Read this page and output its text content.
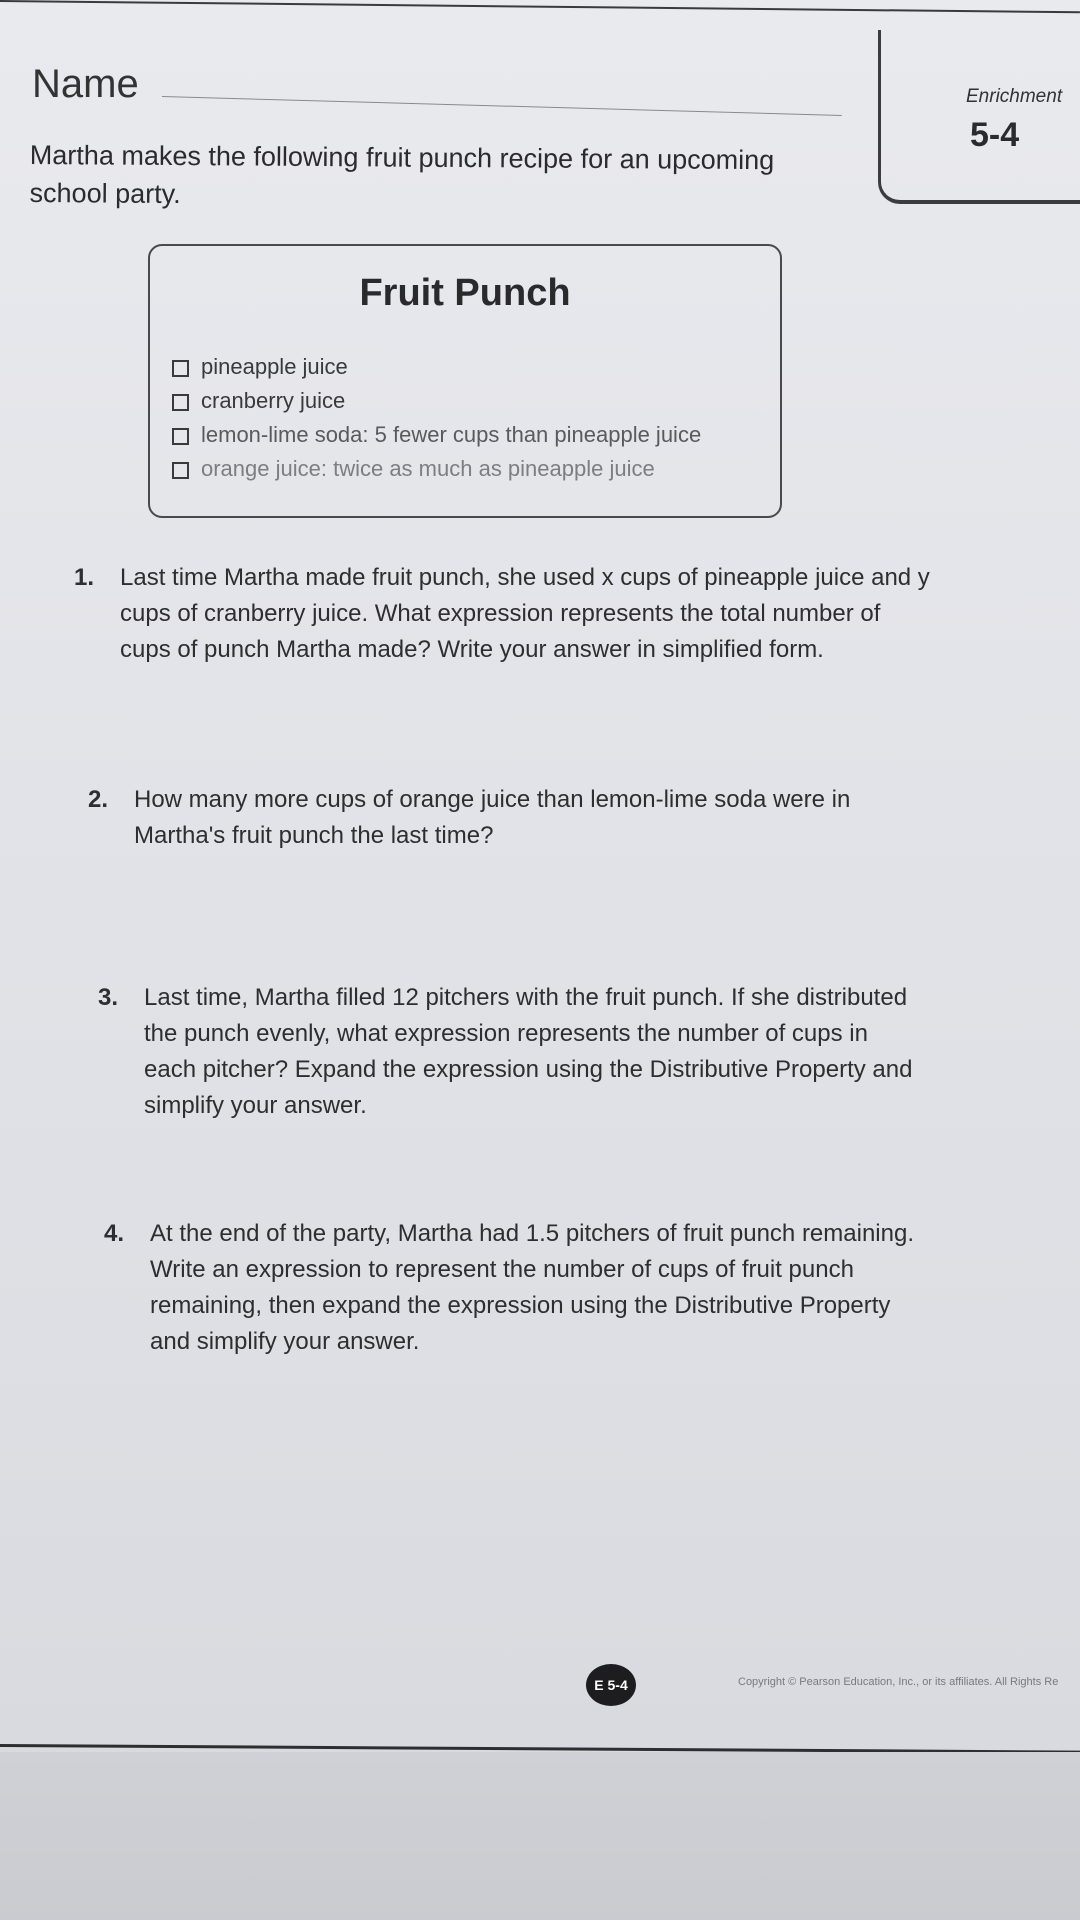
Name	Enrichment
5-4
Martha makes the following fruit punch recipe for an upcoming school party.
Fruit Punch
pineapple juice
cranberry juice
lemon-lime soda: 5 fewer cups than pineapple juice
orange juice: twice as much as pineapple juice
1. Last time Martha made fruit punch, she used x cups of pineapple juice and y cups of cranberry juice. What expression represents the total number of cups of punch Martha made? Write your answer in simplified form.
2. How many more cups of orange juice than lemon-lime soda were in Martha's fruit punch the last time?
3. Last time, Martha filled 12 pitchers with the fruit punch. If she distributed the punch evenly, what expression represents the number of cups in each pitcher? Expand the expression using the Distributive Property and simplify your answer.
4. At the end of the party, Martha had 1.5 pitchers of fruit punch remaining. Write an expression to represent the number of cups of fruit punch remaining, then expand the expression using the Distributive Property and simplify your answer.
E 5-4	Copyright © Pearson Education, Inc., or its affiliates. All Rights Re
